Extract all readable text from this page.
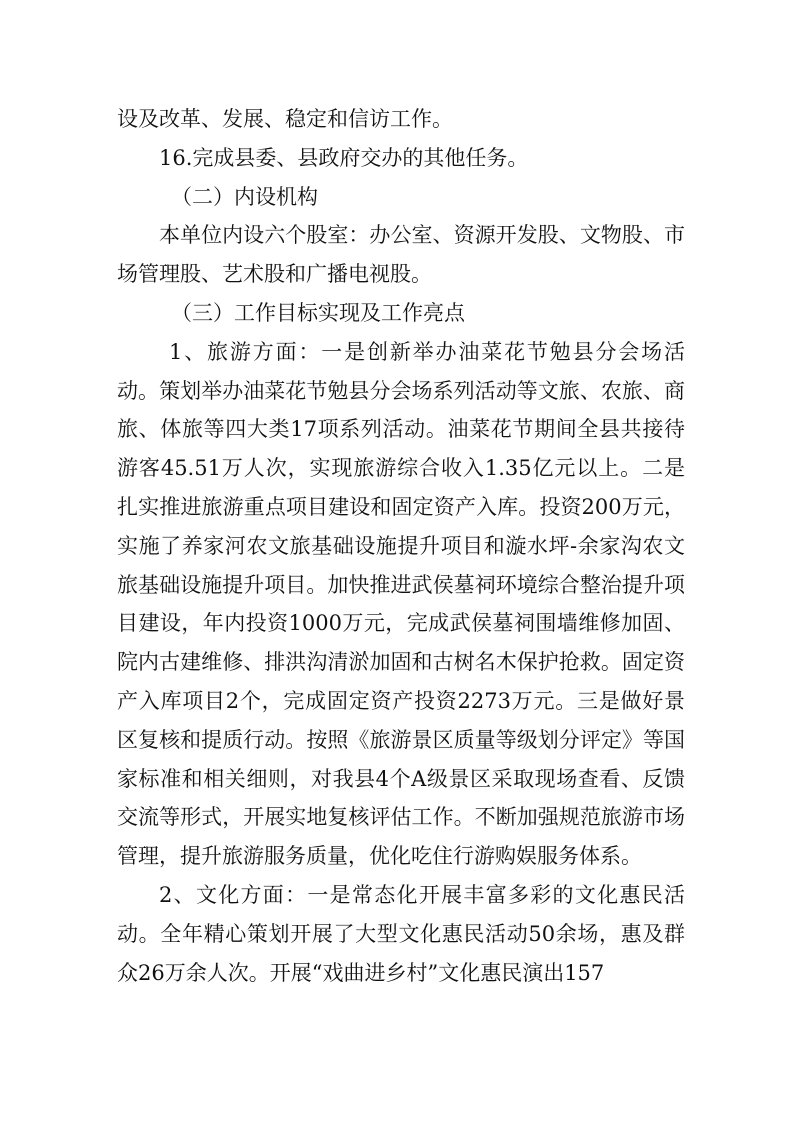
设及改革、发展、稳定和信访工作。

16.完成县委、县政府交办的其他任务。

（二）内设机构

本单位内设六个股室：办公室、资源开发股、文物股、市场管理股、艺术股和广播电视股。

（三）工作目标实现及工作亮点

1、旅游方面：一是创新举办油菜花节勉县分会场活动。策划举办油菜花节勉县分会场系列活动等文旅、农旅、商旅、体旅等四大类17项系列活动。油菜花节期间全县共接待游客45.51万人次，实现旅游综合收入1.35亿元以上。二是扎实推进旅游重点项目建设和固定资产入库。投资200万元，实施了养家河农文旅基础设施提升项目和漩水坪-余家沟农文旅基础设施提升项目。加快推进武侯墓祠环境综合整治提升项目建设，年内投资1000万元，完成武侯墓祠围墙维修加固、院内古建维修、排洪沟清淤加固和古树名木保护抢救。固定资产入库项目2个，完成固定资产投资2273万元。三是做好景区复核和提质行动。按照《旅游景区质量等级划分评定》等国家标准和相关细则，对我县4个A级景区采取现场查看、反馈交流等形式，开展实地复核评估工作。不断加强规范旅游市场管理，提升旅游服务质量，优化吃住行游购娱服务体系。

2、文化方面：一是常态化开展丰富多彩的文化惠民活动。全年精心策划开展了大型文化惠民活动50余场，惠及群众26万余人次。开展“戏曲进乡村”文化惠民演出157
